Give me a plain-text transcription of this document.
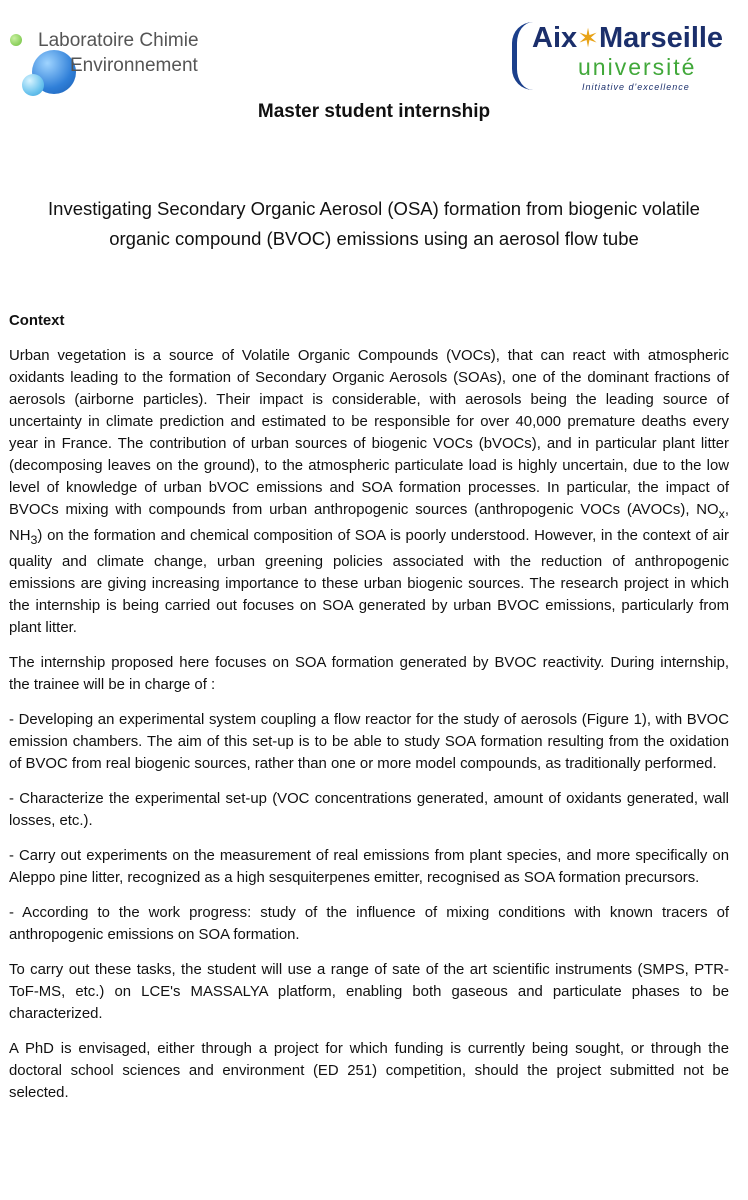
Laboratoire Chimie
Environnement
Aix✶Marseille
université
Initiative d'excellence
Master student internship
Investigating Secondary Organic Aerosol (OSA) formation from biogenic volatile
organic compound (BVOC) emissions using an aerosol flow tube

Context

Urban vegetation is a source of Volatile Organic Compounds (VOCs), that can react with atmospheric oxidants leading to the formation of Secondary Organic Aerosols (SOAs), one of the dominant fractions of aerosols (airborne particles). Their impact is considerable, with aerosols being the leading source of uncertainty in climate prediction and estimated to be responsible for over 40,000 premature deaths every year in France. The contribution of urban sources of biogenic VOCs (bVOCs), and in particular plant litter (decomposing leaves on the ground), to the atmospheric particulate load is highly uncertain, due to the low level of knowledge of urban bVOC emissions and SOA formation processes. In particular, the impact of BVOCs mixing with compounds from urban anthropogenic sources (anthropogenic VOCs (AVOCs), $NO_x$, $NH_3$) on the formation and chemical composition of SOA is poorly understood. However, in the context of air quality and climate change, urban greening policies associated with the reduction of anthropogenic emissions are giving increasing importance to these urban biogenic sources. The research project in which the internship is being carried out focuses on SOA generated by urban BVOC emissions, particularly from plant litter.

The internship proposed here focuses on SOA formation generated by BVOC reactivity. During internship, the trainee will be in charge of :

- Developing an experimental system coupling a flow reactor for the study of aerosols (Figure 1), with BVOC emission chambers. The aim of this set-up is to be able to study SOA formation resulting from the oxidation of BVOC from real biogenic sources, rather than one or more model compounds, as traditionally performed.

- Characterize the experimental set-up (VOC concentrations generated, amount of oxidants generated, wall losses, etc.).

- Carry out experiments on the measurement of real emissions from plant species, and more specifically on Aleppo pine litter, recognized as a high sesquiterpenes emitter, recognised as SOA formation precursors.

- According to the work progress: study of the influence of mixing conditions with known tracers of anthropogenic emissions on SOA formation.

To carry out these tasks, the student will use a range of sate of the art scientific instruments (SMPS, PTR-ToF-MS, etc.) on LCE's MASSALYA platform, enabling both gaseous and particulate phases to be characterized.

A PhD is envisaged, either through a project for which funding is currently being sought, or through the doctoral school sciences and environment (ED 251) competition, should the project submitted not be selected.
